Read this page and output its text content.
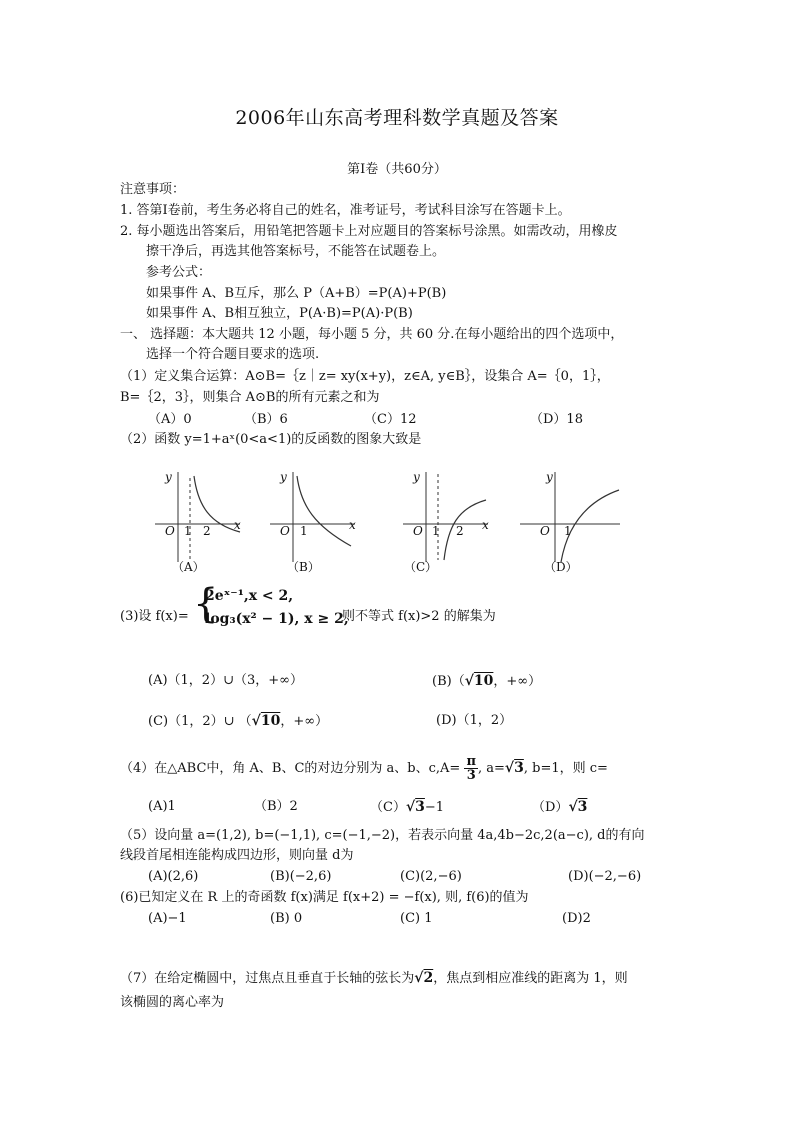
2006年山东高考理科数学真题及答案
第Ⅰ卷（共60分）
注意事项：
1. 答第Ⅰ卷前，考生务必将自己的姓名，准考证号，考试科目涂写在答题卡上。
2. 每小题选出答案后，用铅笔把答题卡上对应题目的答案标号涂黑。如需改动，用橡皮
擦干净后，再选其他答案标号，不能答在试题卷上。
参考公式：
如果事件 A、B互斥，那么 P（A+B）=P(A)+P(B)
如果事件 A、B相互独立，P(A·B)=P(A)·P(B)
一、 选择题：本大题共 12 小题，每小题 5 分，共 60 分.在每小题给出的四个选项中，
选择一个符合题目要求的选项.
（1）定义集合运算：A⊙B=｛z｜z= xy(x+y)，z∈A, y∈B｝，设集合 A=｛0，1｝，
B=｛2，3｝，则集合 A⊙B的所有元素之和为
（A）0	（B）6	（C）12	（D）18
（2）函数 y=1+aˣ(0<a<1)的反函数的图象大致是
y
x
O 1 2
（A）
y
x
O 1
（B）
y
x
O 1 2
（C）
y
O 1
（D）
(3)设 f(x)= {
2eˣ⁻¹,x < 2,
log₃(x² − 1), x ≥ 2,
则不等式 f(x)>2 的解集为
(A)（1，2）∪（3，+∞）	(B)（√10，+∞）
(C)（1，2）∪ （√10，+∞）	(D)（1，2）
（4）在△ABC中，角 A、B、C的对边分别为 a、b、$c,A= \frac{\pi}{3}$ , a=√3, b=1，则 c=
(A)1	（B）2	（C）√3−1	（D）√3
（5）设向量 a=(1,2), b=(−1,1), c=(−1,−2)，若表示向量 4a,4b−2c,2(a−c), d的有向
线段首尾相连能构成四边形，则向量 d为
(A)(2,6)	(B)(−2,6)	(C)(2,−6)	(D)(−2,−6)
(6)已知定义在 R 上的奇函数 f(x)满足 f(x+2) = −f(x), 则, f(6)的值为
(A)−1	(B) 0	(C) 1	(D)2
（7）在给定椭圆中，过焦点且垂直于长轴的弦长为√2，焦点到相应准线的距离为 1，则
该椭圆的离心率为
